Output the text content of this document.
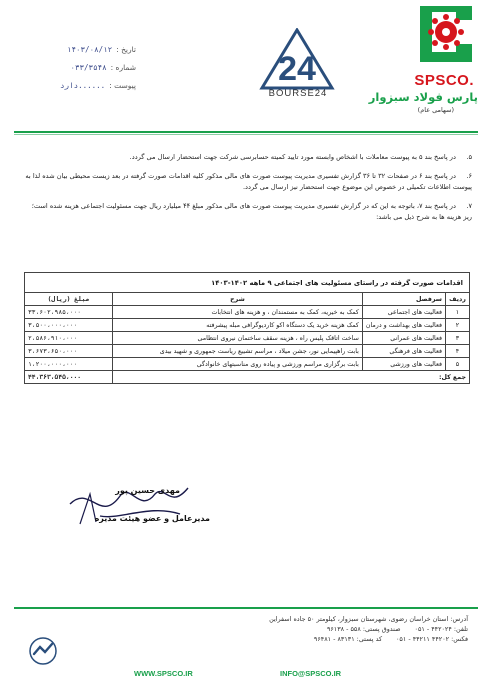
تاریخ :
۱۴۰۳/۰۸/۱۲
شماره :
۰۳۳/۳۵۴۸
پیوست :
......دارد	24
BOURSE24
SPSCO.
پارس فولاد سبزوار
(سهامی عام)
۵. در پاسخ بند ۵ به پیوست معاملات با اشخاص وابسته مورد تایید کمیته حسابرسی شرکت جهت استحضار ارسال می گردد.
۶. در پاسخ بند ۶ در صفحات ۳۲ تا ۳۶ گزارش تفسیری مدیریت پیوست صورت های مالی مذکور کلیه اقدامات صورت گرفته در بعد زیست محیطی بیان شده لذا به پیوست اطلاعات تکمیلی در خصوص این موضوع جهت استحضار نیز ارسال می گردد.
۷. در پاسخ بند ۷، باتوجه به این که در گزارش تفسیری مدیریت پیوست صورت های مالی مذکور مبلغ ۴۴ میلیارد ریال جهت مسئولیت اجتماعی هزینه شده است؛ ریز هزینه ها به شرح ذیل می باشد:
اقدامات صورت گرفته در راستای مسئولیت های اجتماعی ۹ ماهه ۱۴۰۲-۱۴۰۳			
ردیف	سرفصل	شرح	مبلغ (ریال)
۱	فعالیت های اجتماعی	کمک به خیریه، کمک به مستمندان ، و هزینه های انتخابات	۳۳،۶۰۲،۹۸۵،۰۰۰
۲	فعالیت های بهداشت و درمان	کمک هزینه خرید یک دستگاه اکو کاردیوگرافی مبله پیشرفته	۳،۵۰۰،۰۰۰،۰۰۰
۳	فعالیت های عمرانی	ساخت اتاقک پلیس راه ، هزینه سقف ساختمان نیروی انتظامی	۲،۵۸۶،۹۱۰،۰۰۰
۴	فعالیت های فرهنگی	بابت راهپیمایی نور، جشن میلاد ، مراسم تشییع ریاست جمهوری و شهید بیدی	۳،۶۷۳،۶۵۰،۰۰۰
۵	فعالیت های ورزشی	بابت برگزاری مراسم ورزشی و پیاده روی مناسبتهای خانوادگی	۱،۲۰۰،۰۰۰،۰۰۰
جمع کل:			۴۴،۳۶۳،۵۴۵،۰۰۰
مهدی حسین پور
مدیرعامل و عضو هیئت مدیره
آدرس: استان خراسان رضوی، شهرستان سبزوار، کیلومتر ۵۰ جاده اسفراین
تلفن: ۴۴۲۰۲۴ - ۰۵۱
صندوق پستی: ۵۵۸ - ۹۶۱۳۸
فکس: ۴۴۲۰۲ ۴۴۲۱۱ - ۰۵۱
کد پستی: ۸۳۱۳۱ - ۹۶۴۸۱
WWW.SPSCO.IR	INFO@SPSCO.IR
